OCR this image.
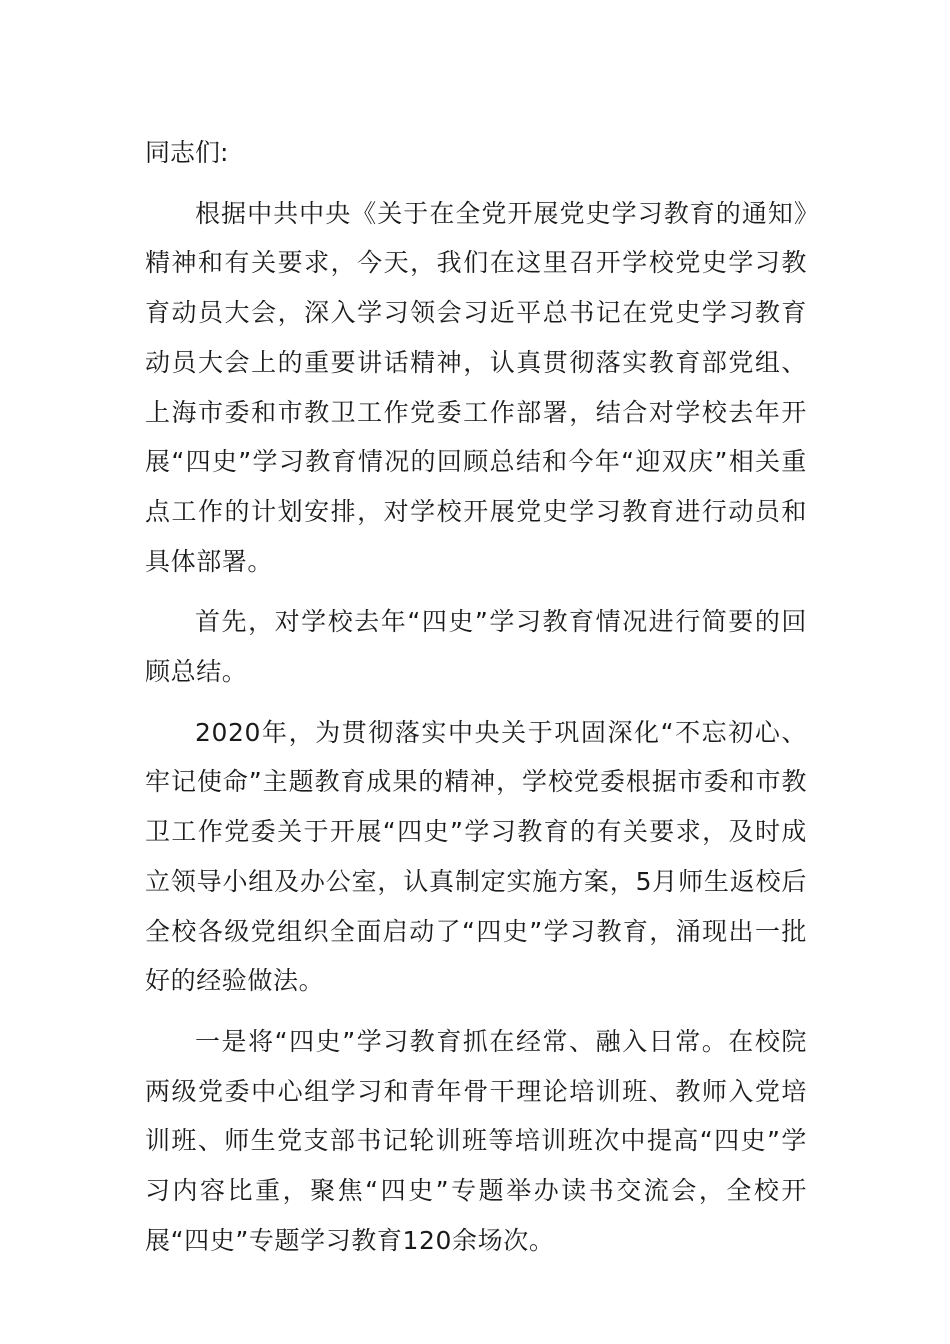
同志们:

根据中共中央《关于在全党开展党史学习教育的通知》精神和有关要求，今天，我们在这里召开学校党史学习教育动员大会，深入学习领会习近平总书记在党史学习教育动员大会上的重要讲话精神，认真贯彻落实教育部党组、上海市委和市教卫工作党委工作部署，结合对学校去年开展“四史”学习教育情况的回顾总结和今年“迎双庆”相关重点工作的计划安排，对学校开展党史学习教育进行动员和具体部署。

首先，对学校去年“四史”学习教育情况进行简要的回顾总结。

2020年，为贯彻落实中央关于巩固深化“不忘初心、牢记使命”主题教育成果的精神，学校党委根据市委和市教卫工作党委关于开展“四史”学习教育的有关要求，及时成立领导小组及办公室，认真制定实施方案，5月师生返校后全校各级党组织全面启动了“四史”学习教育，涌现出一批好的经验做法。

一是将“四史”学习教育抓在经常、融入日常。在校院两级党委中心组学习和青年骨干理论培训班、教师入党培训班、师生党支部书记轮训班等培训班次中提高“四史”学习内容比重，聚焦“四史”专题举办读书交流会，全校开展“四史”专题学习教育120余场次。
